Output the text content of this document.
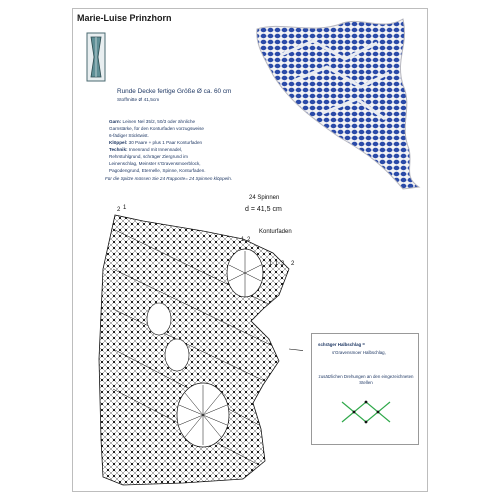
Marie-Luise Prinzhorn
Runde Decke fertige Größe Ø ca. 60 cm
Stoffmitte Ø 41,5cm
Garn: Leinen Nel 35/2, 50/3 oder ähnliche
Garnstärke, für den Konturfaden vorzugsweise
6-fädiger Sticktwist.
Klöppel: 30 Paare + plus 1 Paar Konturfaden
Technik: Innenrand mit Innennadel,
Rehrstuhlgrund, schräger Ziergrund im
Leinenschlag, Meinster s'Gravensmoerblock,
Pagodengrund, Eternelle, Spinne, Konturfaden.
Für die Spitze müssen Sie 24 Rapporte= 24 Spinnen klöppeln.
24 Spinnen
d = 41,5 cm
Konturfaden
2 1
2
2
schräger Halbschlag =
s'Gravensmoer Halbschlag,
zusätzlichen Drehungen an den eingezeichneten Stellen
